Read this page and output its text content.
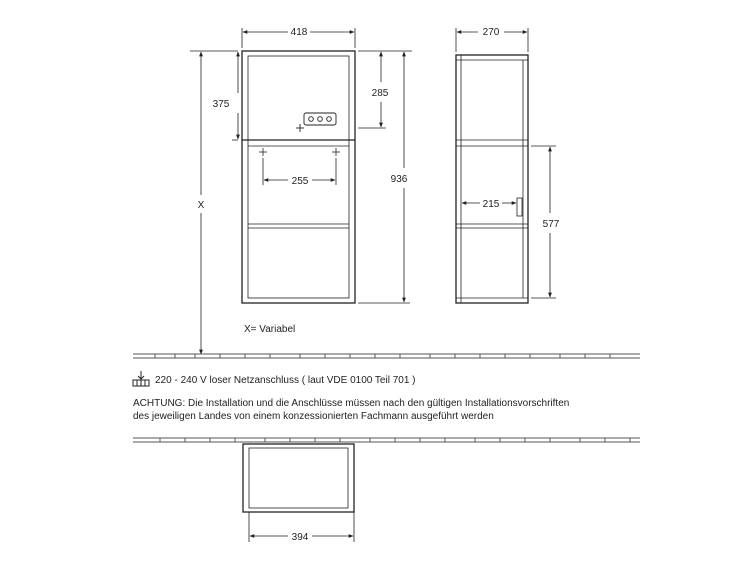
418	270
375
285
936
255
215
577
394
X
X= Variabel
220 - 240 V loser Netzanschluss ( laut VDE 0100 Teil 701 )
ACHTUNG: Die Installation und die Anschlüsse müssen nach den gültigen Installationsvorschriften
des jeweiligen Landes von einem konzessionierten Fachmann ausgeführt werden
